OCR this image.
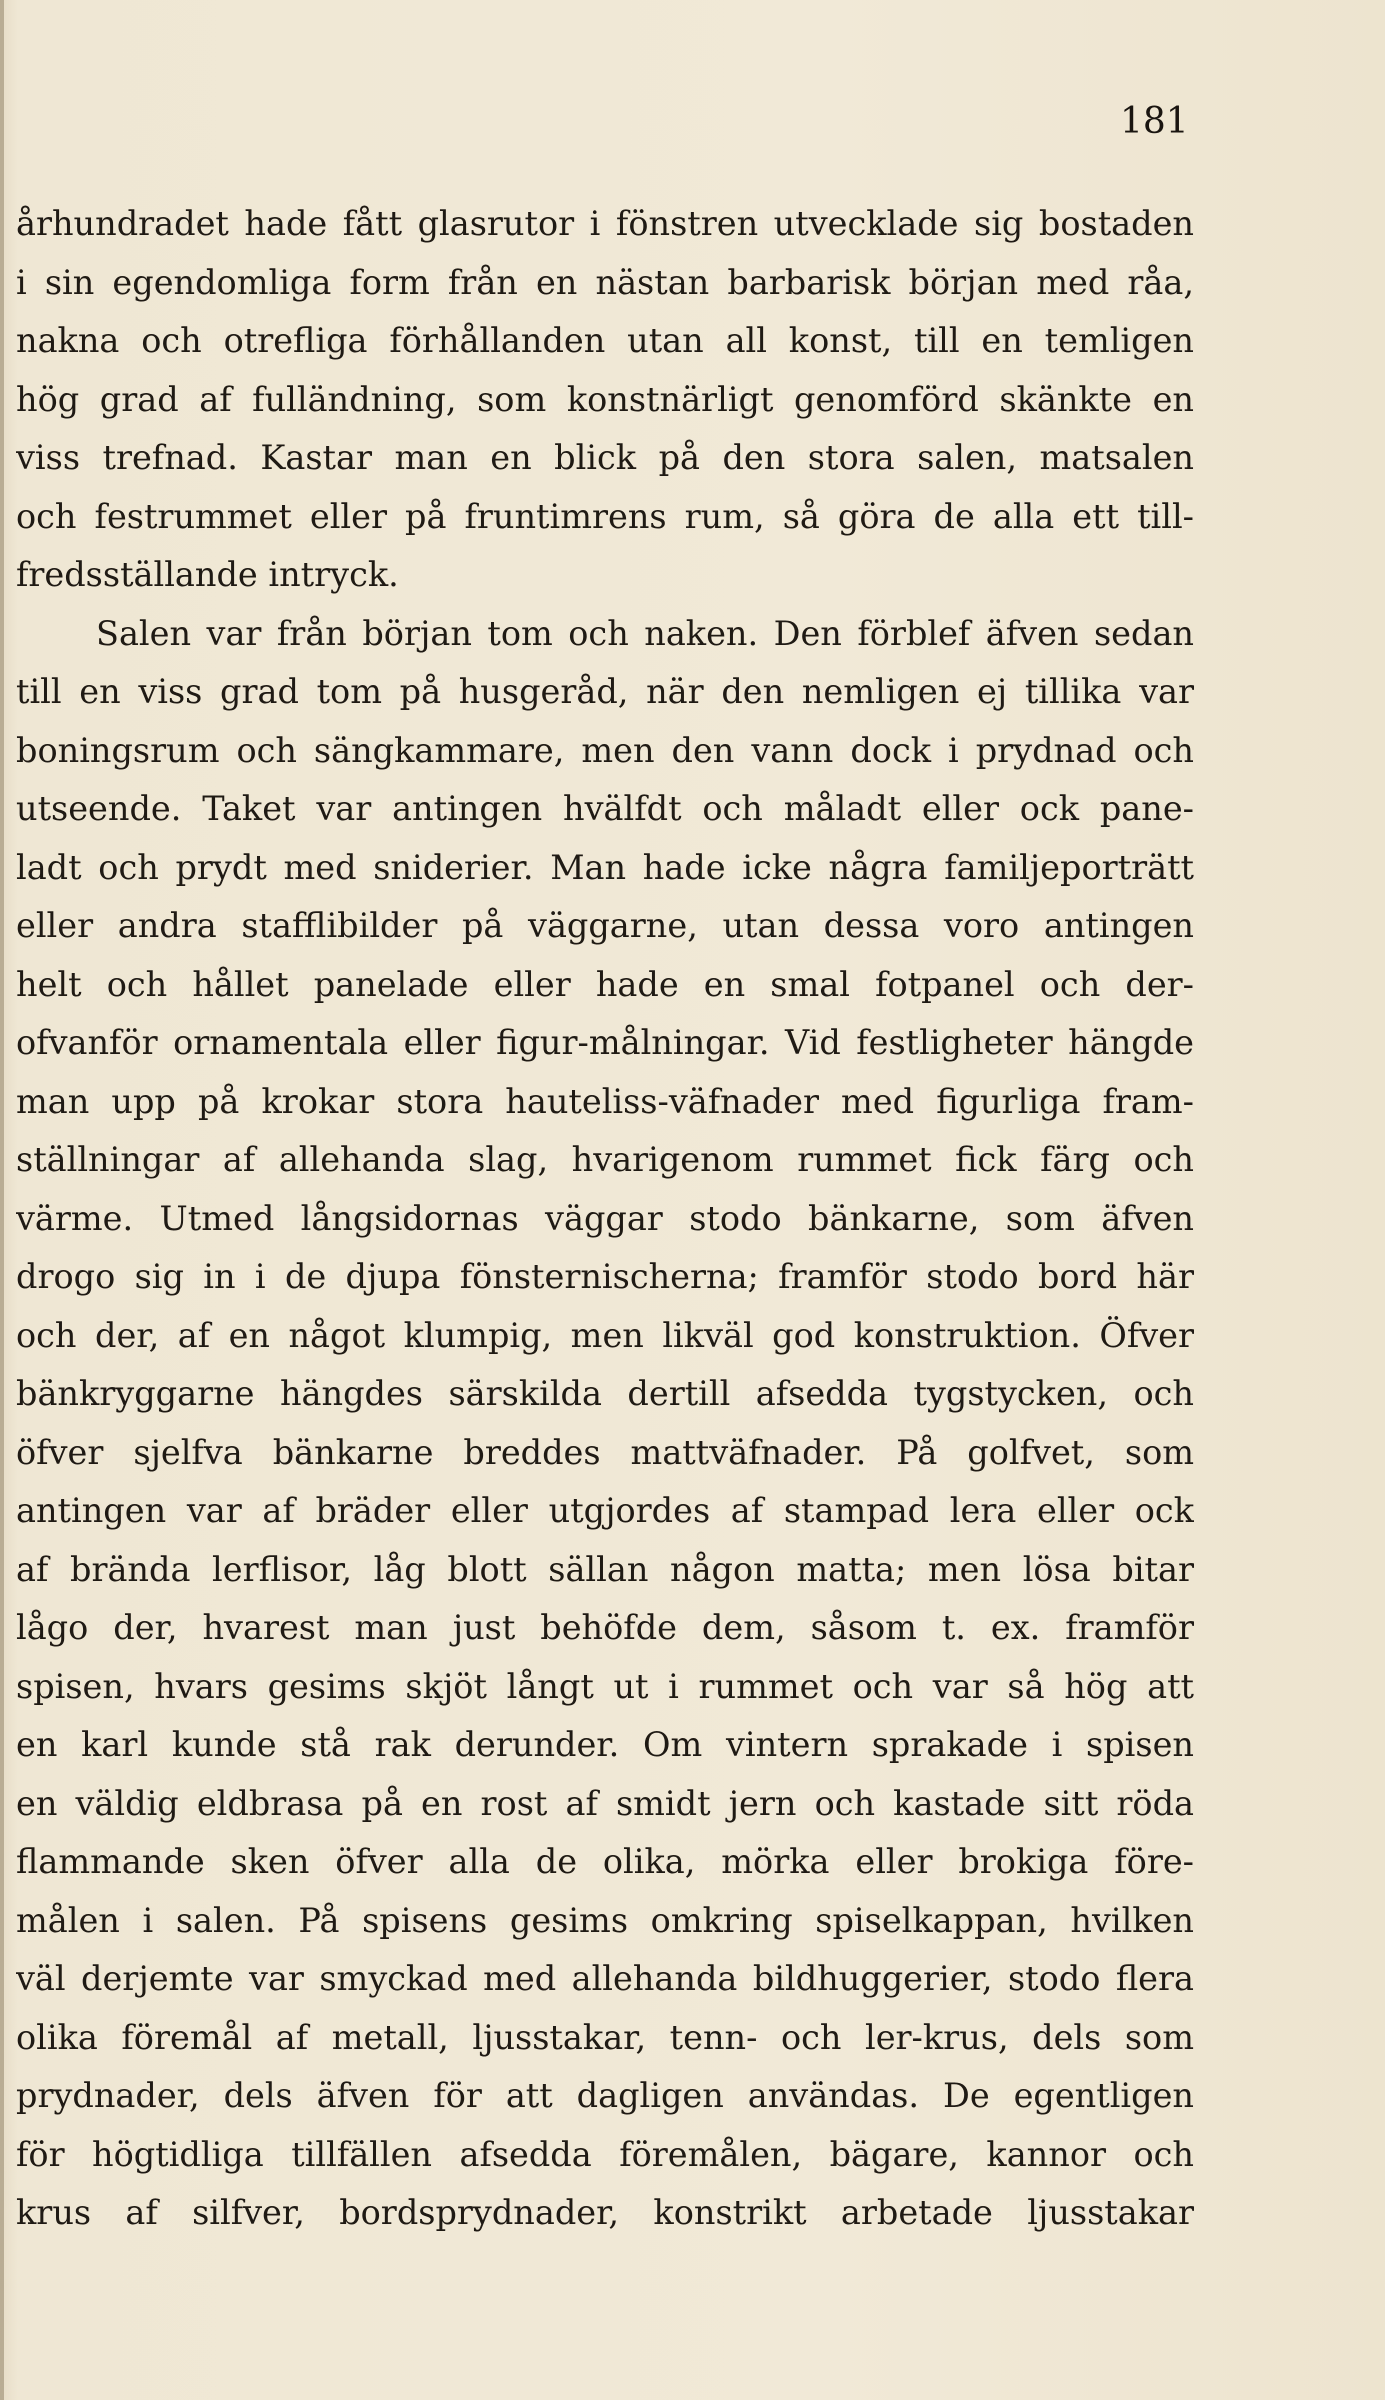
181
århundradet hade fått glasrutor i fönstren utvecklade sig bostaden
i sin egendomliga form från en nästan barbarisk början med råa,
nakna och otrefliga förhållanden utan all konst, till en temligen
hög grad af fulländning, som konstnärligt genomförd skänkte en
viss trefnad. Kastar man en blick på den stora salen, matsalen
och festrummet eller på fruntimrens rum, så göra de alla ett till-
fredsställande intryck.
Salen var från början tom och naken. Den förblef äfven sedan
till en viss grad tom på husgeråd, när den nemligen ej tillika var
boningsrum och sängkammare, men den vann dock i prydnad och
utseende. Taket var antingen hvälfdt och måladt eller ock pane-
ladt och prydt med sniderier. Man hade icke några familjeporträtt
eller andra stafflibilder på väggarne, utan dessa voro antingen
helt och hållet panelade eller hade en smal fotpanel och der-
ofvanför ornamentala eller figur-målningar. Vid festligheter hängde
man upp på krokar stora hauteliss-väfnader med figurliga fram-
ställningar af allehanda slag, hvarigenom rummet fick färg och
värme. Utmed långsidornas väggar stodo bänkarne, som äfven
drogo sig in i de djupa fönsternischerna; framför stodo bord här
och der, af en något klumpig, men likväl god konstruktion. Öfver
bänkryggarne hängdes särskilda dertill afsedda tygstycken, och
öfver sjelfva bänkarne breddes mattväfnader. På golfvet, som
antingen var af bräder eller utgjordes af stampad lera eller ock
af brända lerflisor, låg blott sällan någon matta; men lösa bitar
lågo der, hvarest man just behöfde dem, såsom t. ex. framför
spisen, hvars gesims skjöt långt ut i rummet och var så hög att
en karl kunde stå rak derunder. Om vintern sprakade i spisen
en väldig eldbrasa på en rost af smidt jern och kastade sitt röda
flammande sken öfver alla de olika, mörka eller brokiga före-
målen i salen. På spisens gesims omkring spiselkappan, hvilken
väl derjemte var smyckad med allehanda bildhuggerier, stodo flera
olika föremål af metall, ljusstakar, tenn- och ler-krus, dels som
prydnader, dels äfven för att dagligen användas. De egentligen
för högtidliga tillfällen afsedda föremålen, bägare, kannor och
krus af silfver, bordsprydnader, konstrikt arbetade ljusstakar
